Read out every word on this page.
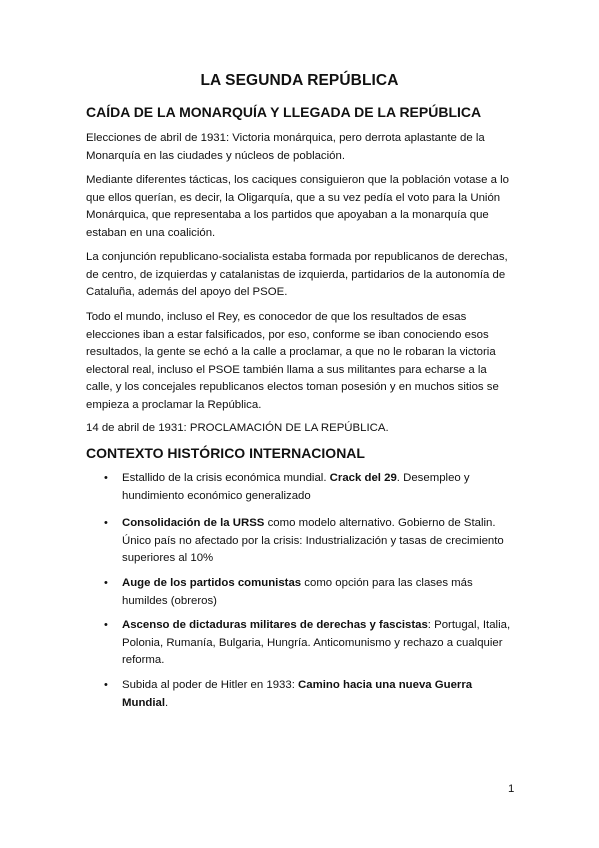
LA SEGUNDA REPÚBLICA
CAÍDA DE LA MONARQUÍA Y LLEGADA DE LA REPÚBLICA

Elecciones de abril de 1931: Victoria monárquica, pero derrota aplastante de la Monarquía en las ciudades y núcleos de población.

Mediante diferentes tácticas, los caciques consiguieron que la población votase a lo que ellos querían, es decir, la Oligarquía, que a su vez pedía el voto para la Unión Monárquica, que representaba a los partidos que apoyaban a la monarquía que estaban en una coalición.

La conjunción republicano-socialista estaba formada por republicanos de derechas, de centro, de izquierdas y catalanistas de izquierda, partidarios de la autonomía de Cataluña, además del apoyo del PSOE.

Todo el mundo, incluso el Rey, es conocedor de que los resultados de esas elecciones iban a estar falsificados, por eso, conforme se iban conociendo esos resultados, la gente se echó a la calle a proclamar, a que no le robaran la victoria electoral real, incluso el PSOE también llama a sus militantes para echarse a la calle, y los concejales republicanos electos toman posesión y en muchos sitios se empieza a proclamar la República.

14 de abril de 1931: PROCLAMACIÓN DE LA REPÚBLICA.

CONTEXTO HISTÓRICO INTERNACIONAL
• Estallido de la crisis económica mundial. Crack del 29. Desempleo y hundimiento económico generalizado
• Consolidación de la URSS como modelo alternativo. Gobierno de Stalin. Único país no afectado por la crisis: Industrialización y tasas de crecimiento superiores al 10%
• Auge de los partidos comunistas como opción para las clases más humildes (obreros)
• Ascenso de dictaduras militares de derechas y fascistas: Portugal, Italia, Polonia, Rumanía, Bulgaria, Hungría. Anticomunismo y rechazo a cualquier reforma.
• Subida al poder de Hitler en 1933: Camino hacia una nueva Guerra Mundial.
1
